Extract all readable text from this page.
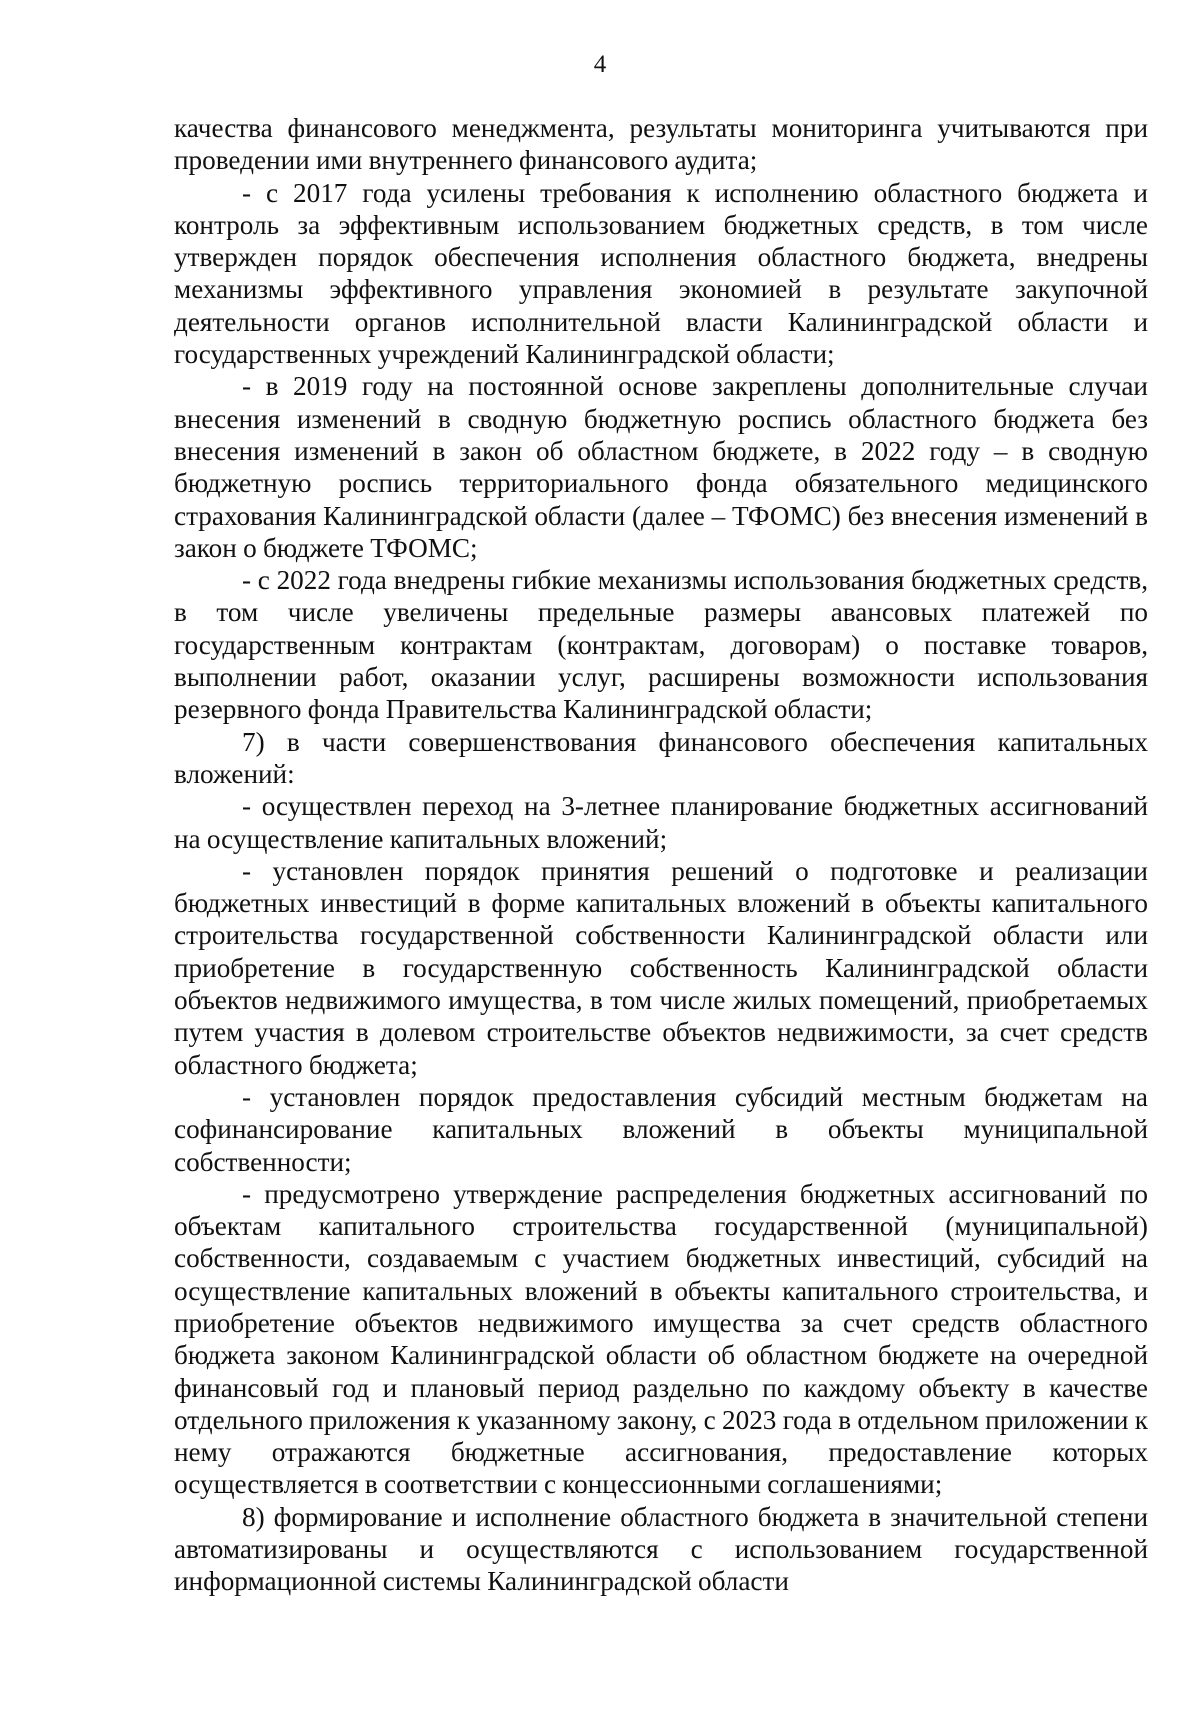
4

качества финансового менеджмента, результаты мониторинга учитываются при проведении ими внутреннего финансового аудита;

- с 2017 года усилены требования к исполнению областного бюджета и контроль за эффективным использованием бюджетных средств, в том числе утвержден порядок обеспечения исполнения областного бюджета, внедрены механизмы эффективного управления экономией в результате закупочной деятельности органов исполнительной власти Калининградской области и государственных учреждений Калининградской области;

- в 2019 году на постоянной основе закреплены дополнительные случаи внесения изменений в сводную бюджетную роспись областного бюджета без внесения изменений в закон об областном бюджете, в 2022 году – в сводную бюджетную роспись территориального фонда обязательного медицинского страхования Калининградской области (далее – ТФОМС) без внесения изменений в закон о бюджете ТФОМС;

- с 2022 года внедрены гибкие механизмы использования бюджетных средств, в том числе увеличены предельные размеры авансовых платежей по государственным контрактам (контрактам, договорам) о поставке товаров, выполнении работ, оказании услуг, расширены возможности использования резервного фонда Правительства Калининградской области;

7) в части совершенствования финансового обеспечения капитальных вложений:

- осуществлен переход на 3-летнее планирование бюджетных ассигнований на осуществление капитальных вложений;

- установлен порядок принятия решений о подготовке и реализации бюджетных инвестиций в форме капитальных вложений в объекты капитального строительства государственной собственности Калининградской области или приобретение в государственную собственность Калининградской области объектов недвижимого имущества, в том числе жилых помещений, приобретаемых путем участия в долевом строительстве объектов недвижимости, за счет средств областного бюджета;

- установлен порядок предоставления субсидий местным бюджетам на софинансирование капитальных вложений в объекты муниципальной собственности;

- предусмотрено утверждение распределения бюджетных ассигнований по объектам капитального строительства государственной (муниципальной) собственности, создаваемым с участием бюджетных инвестиций, субсидий на осуществление капитальных вложений в объекты капитального строительства, и приобретение объектов недвижимого имущества за счет средств областного бюджета законом Калининградской области об областном бюджете на очередной финансовый год и плановый период раздельно по каждому объекту в качестве отдельного приложения к указанному закону, с 2023 года в отдельном приложении к нему отражаются бюджетные ассигнования, предоставление которых осуществляется в соответствии с концессионными соглашениями;

8) формирование и исполнение областного бюджета в значительной степени автоматизированы и осуществляются с использованием государственной информационной системы Калининградской области
